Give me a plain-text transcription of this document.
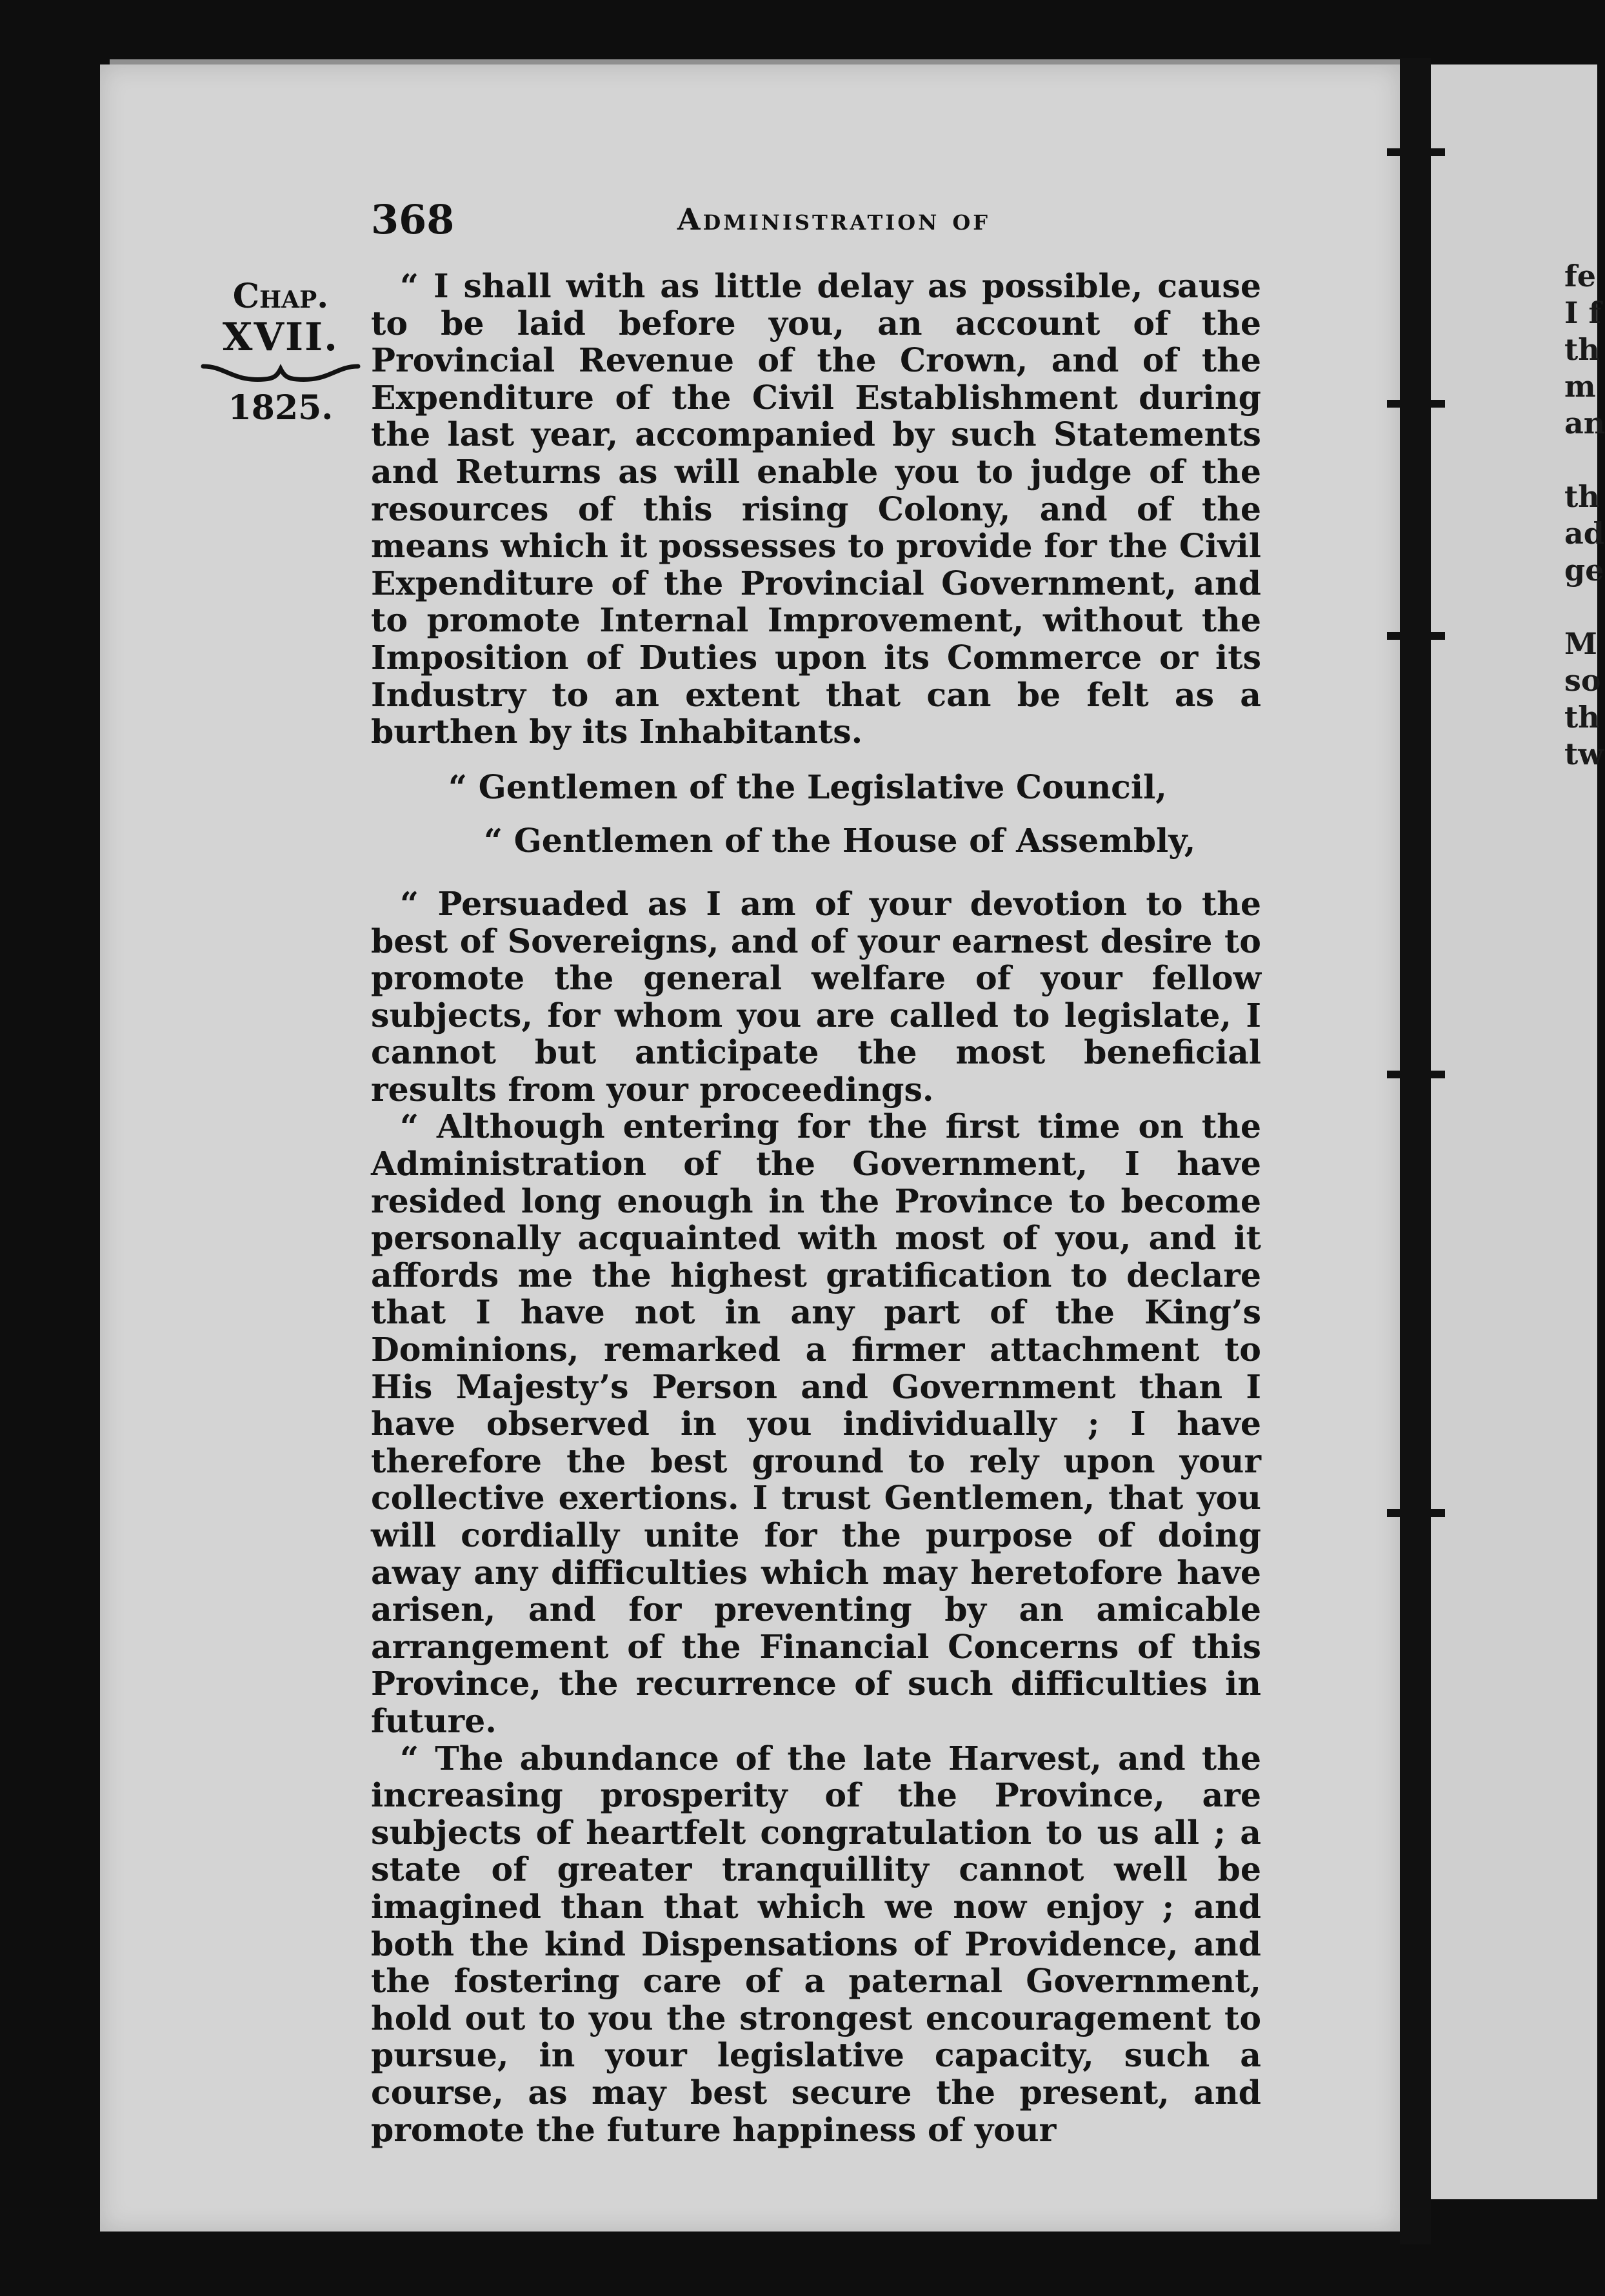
fe
I f
th
m
an

th
ad
ge

M
so
th
tw
368	Administration of
Chap.
XVII.
1825.

“ I shall with as little delay as possible, cause to be laid before you, an account of the Provincial Revenue of the Crown, and of the Expenditure of the Civil Establishment during the last year, accompanied by such Statements and Returns as will enable you to judge of the resources of this rising Colony, and of the means which it possesses to provide for the Civil Expenditure of the Provincial Government, and to promote Internal Improvement, without the Imposition of Duties upon its Commerce or its Industry to an extent that can be felt as a burthen by its Inhabitants.

“ Gentlemen of the Legislative Council,

“ Gentlemen of the House of Assembly,

“ Persuaded as I am of your devotion to the best of Sovereigns, and of your earnest desire to promote the general welfare of your fellow subjects, for whom you are called to legislate, I cannot but anticipate the most beneficial results from your proceedings.

“ Although entering for the first time on the Administration of the Government, I have resided long enough in the Province to become personally acquainted with most of you, and it affords me the highest gratification to declare that I have not in any part of the King’s Dominions, remarked a firmer attachment to His Majesty’s Person and Government than I have observed in you individually ; I have therefore the best ground to rely upon your collective exertions. I trust Gentlemen, that you will cordially unite for the purpose of doing away any difficulties which may heretofore have arisen, and for preventing by an amicable arrangement of the Financial Concerns of this Province, the recurrence of such difficulties in future.

“ The abundance of the late Harvest, and the increasing prosperity of the Province, are subjects of heartfelt congratulation to us all ; a state of greater tranquillity cannot well be imagined than that which we now enjoy ; and both the kind Dispensations of Providence, and the fostering care of a paternal Government, hold out to you the strongest encouragement to pursue, in your legislative capacity, such a course, as may best secure the present, and promote the future happiness of your
